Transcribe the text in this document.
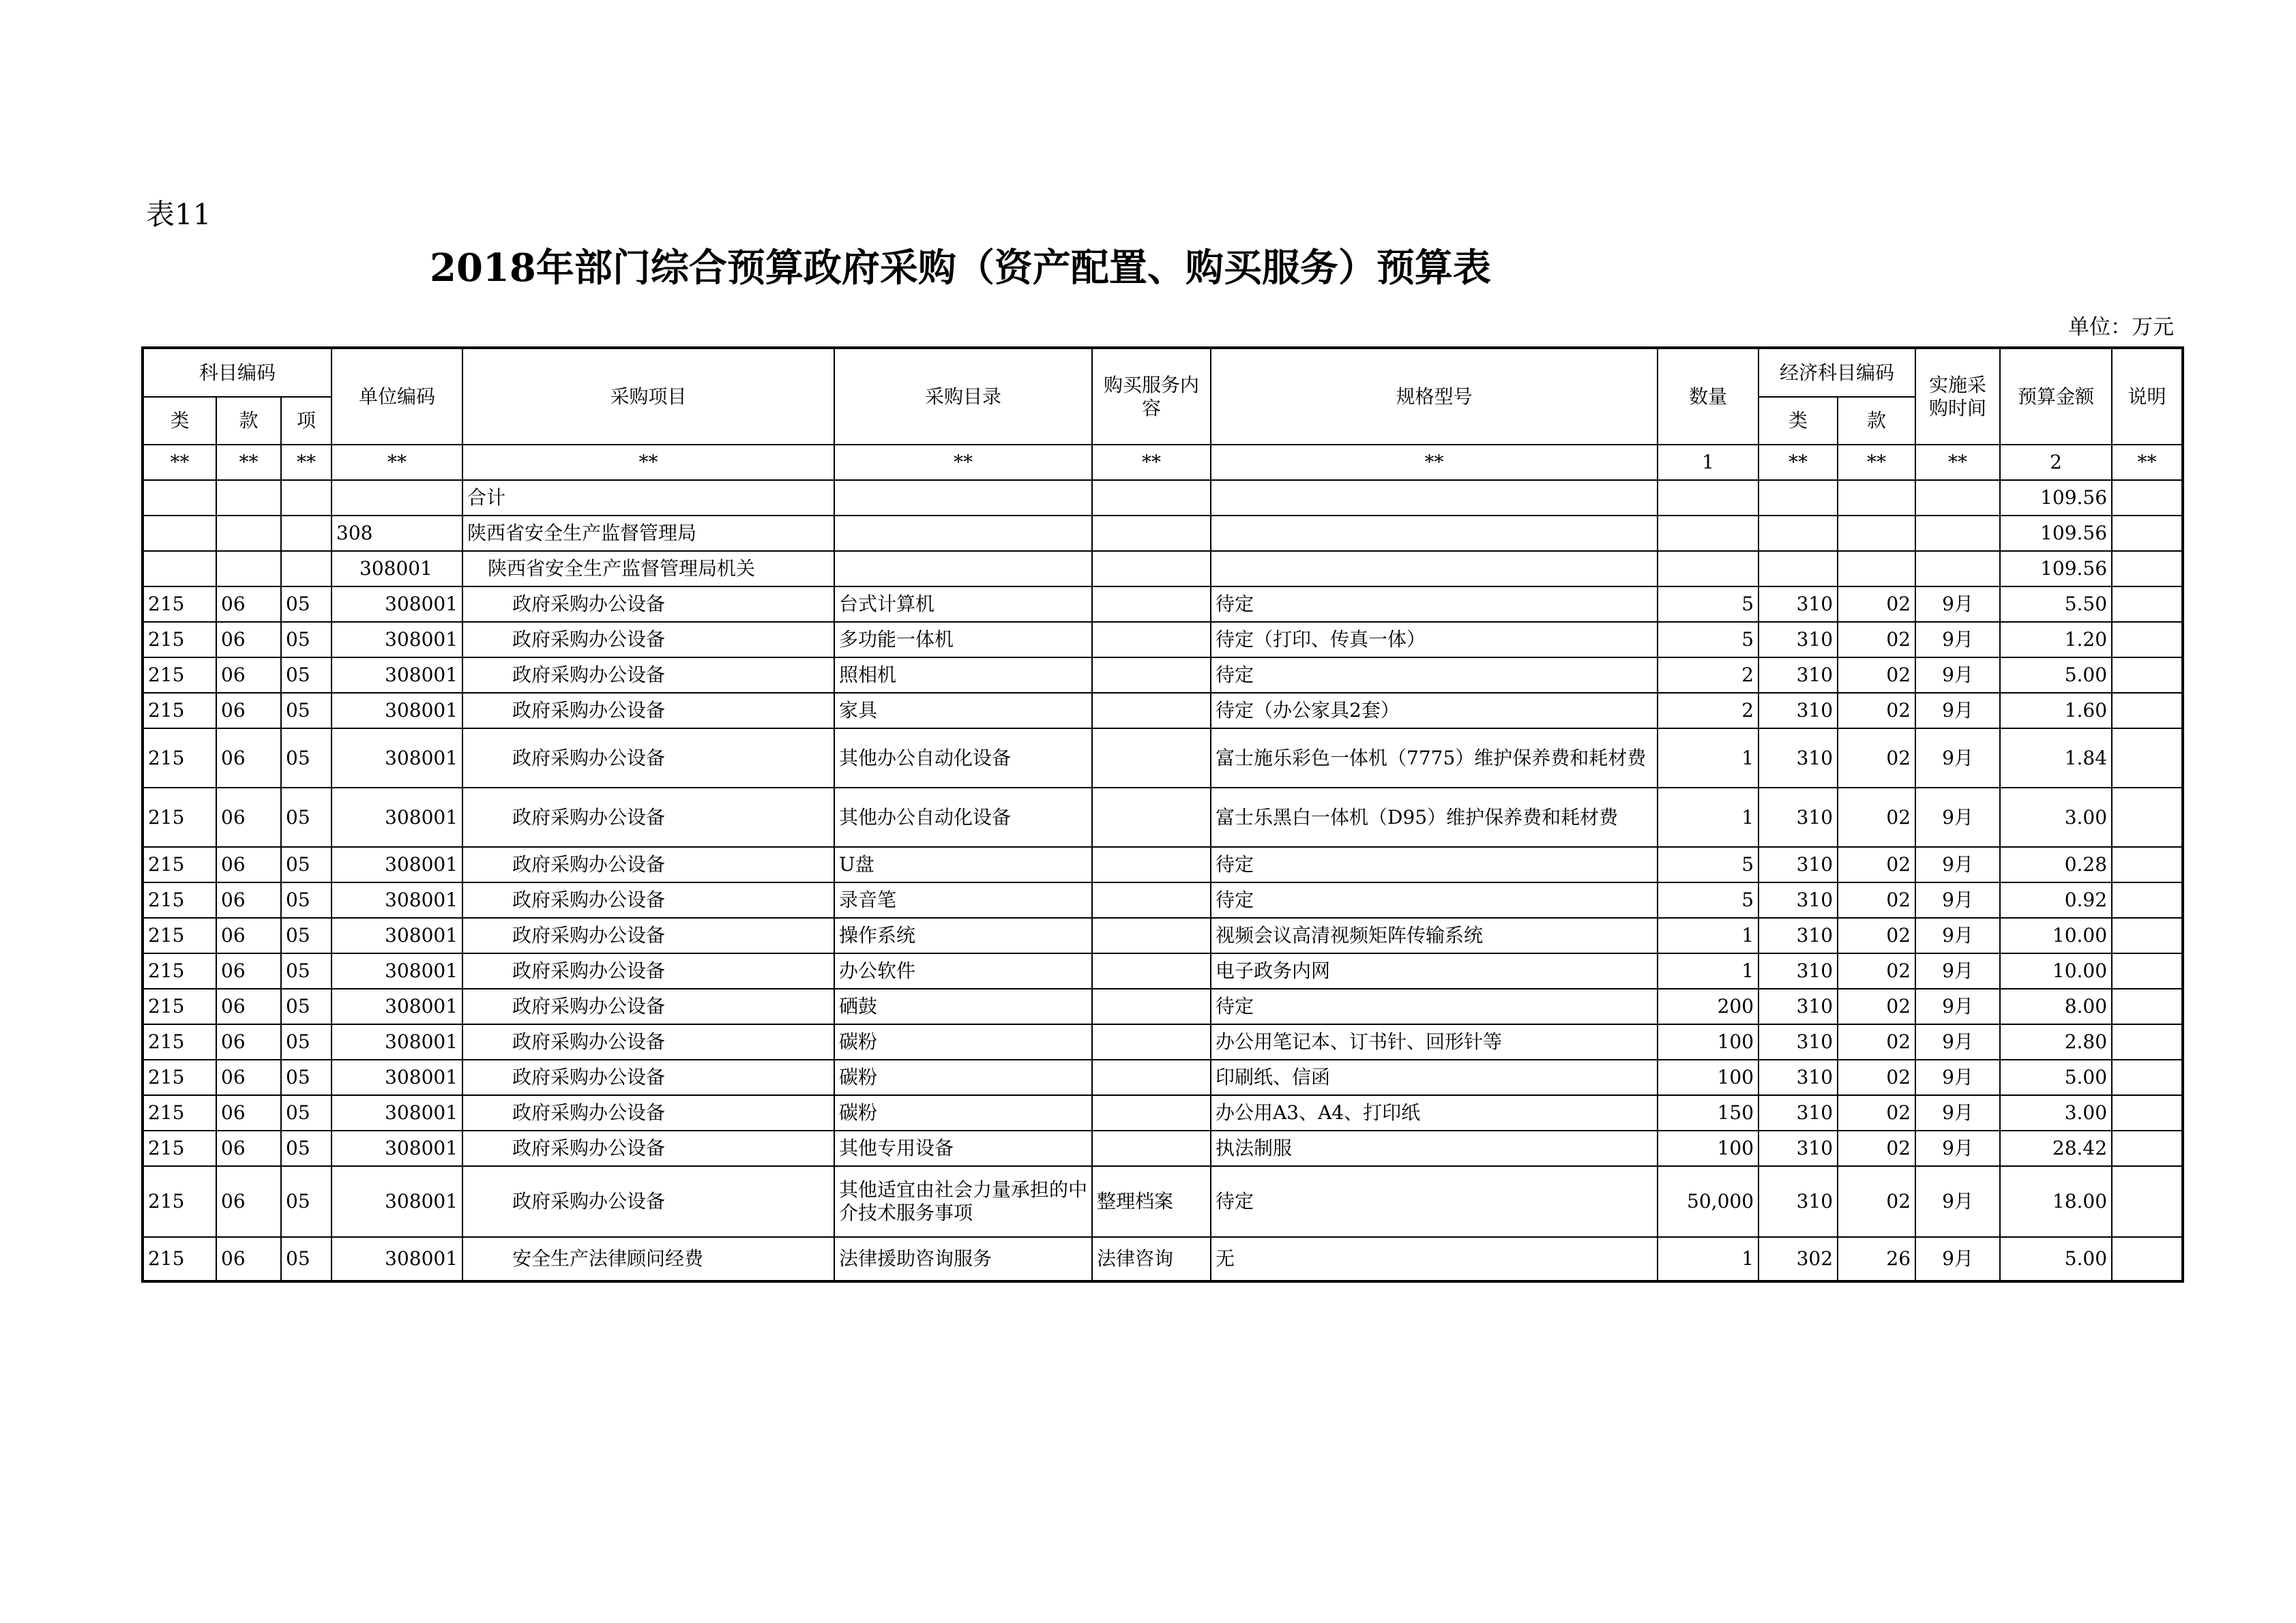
表11
2018年部门综合预算政府采购（资产配置、购买服务）预算表
单位：万元
科目编码			单位编码	采购项目	采购目录	购买服务内容	规格型号	数量	经济科目编码		实施采购时间	预算金额	说明
类	款	项							类	款			
**	**	**	**	**	**	**	**	1	**	**	**	2	**
				合计								109.56	
			308	陕西省安全生产监督管理局								109.56	
			308001	陕西省安全生产监督管理局机关								109.56	
215	06	05	308001	政府采购办公设备	台式计算机		待定	5	310	02	9月	5.50	
215	06	05	308001	政府采购办公设备	多功能一体机		待定（打印、传真一体）	5	310	02	9月	1.20	
215	06	05	308001	政府采购办公设备	照相机		待定	2	310	02	9月	5.00	
215	06	05	308001	政府采购办公设备	家具		待定（办公家具2套）	2	310	02	9月	1.60	
215	06	05	308001	政府采购办公设备	其他办公自动化设备		富士施乐彩色一体机（7775）维护保养费和耗材费	1	310	02	9月	1.84	
215	06	05	308001	政府采购办公设备	其他办公自动化设备		富士乐黑白一体机（D95）维护保养费和耗材费	1	310	02	9月	3.00	
215	06	05	308001	政府采购办公设备	U盘		待定	5	310	02	9月	0.28	
215	06	05	308001	政府采购办公设备	录音笔		待定	5	310	02	9月	0.92	
215	06	05	308001	政府采购办公设备	操作系统		视频会议高清视频矩阵传输系统	1	310	02	9月	10.00	
215	06	05	308001	政府采购办公设备	办公软件		电子政务内网	1	310	02	9月	10.00	
215	06	05	308001	政府采购办公设备	硒鼓		待定	200	310	02	9月	8.00	
215	06	05	308001	政府采购办公设备	碳粉		办公用笔记本、订书针、回形针等	100	310	02	9月	2.80	
215	06	05	308001	政府采购办公设备	碳粉		印刷纸、信函	100	310	02	9月	5.00	
215	06	05	308001	政府采购办公设备	碳粉		办公用A3、A4、打印纸	150	310	02	9月	3.00	
215	06	05	308001	政府采购办公设备	其他专用设备		执法制服	100	310	02	9月	28.42	
215	06	05	308001	政府采购办公设备	其他适宜由社会力量承担的中介技术服务事项	整理档案	待定	50,000	310	02	9月	18.00	
215	06	05	308001	安全生产法律顾问经费	法律援助咨询服务	法律咨询	无	1	302	26	9月	5.00	
